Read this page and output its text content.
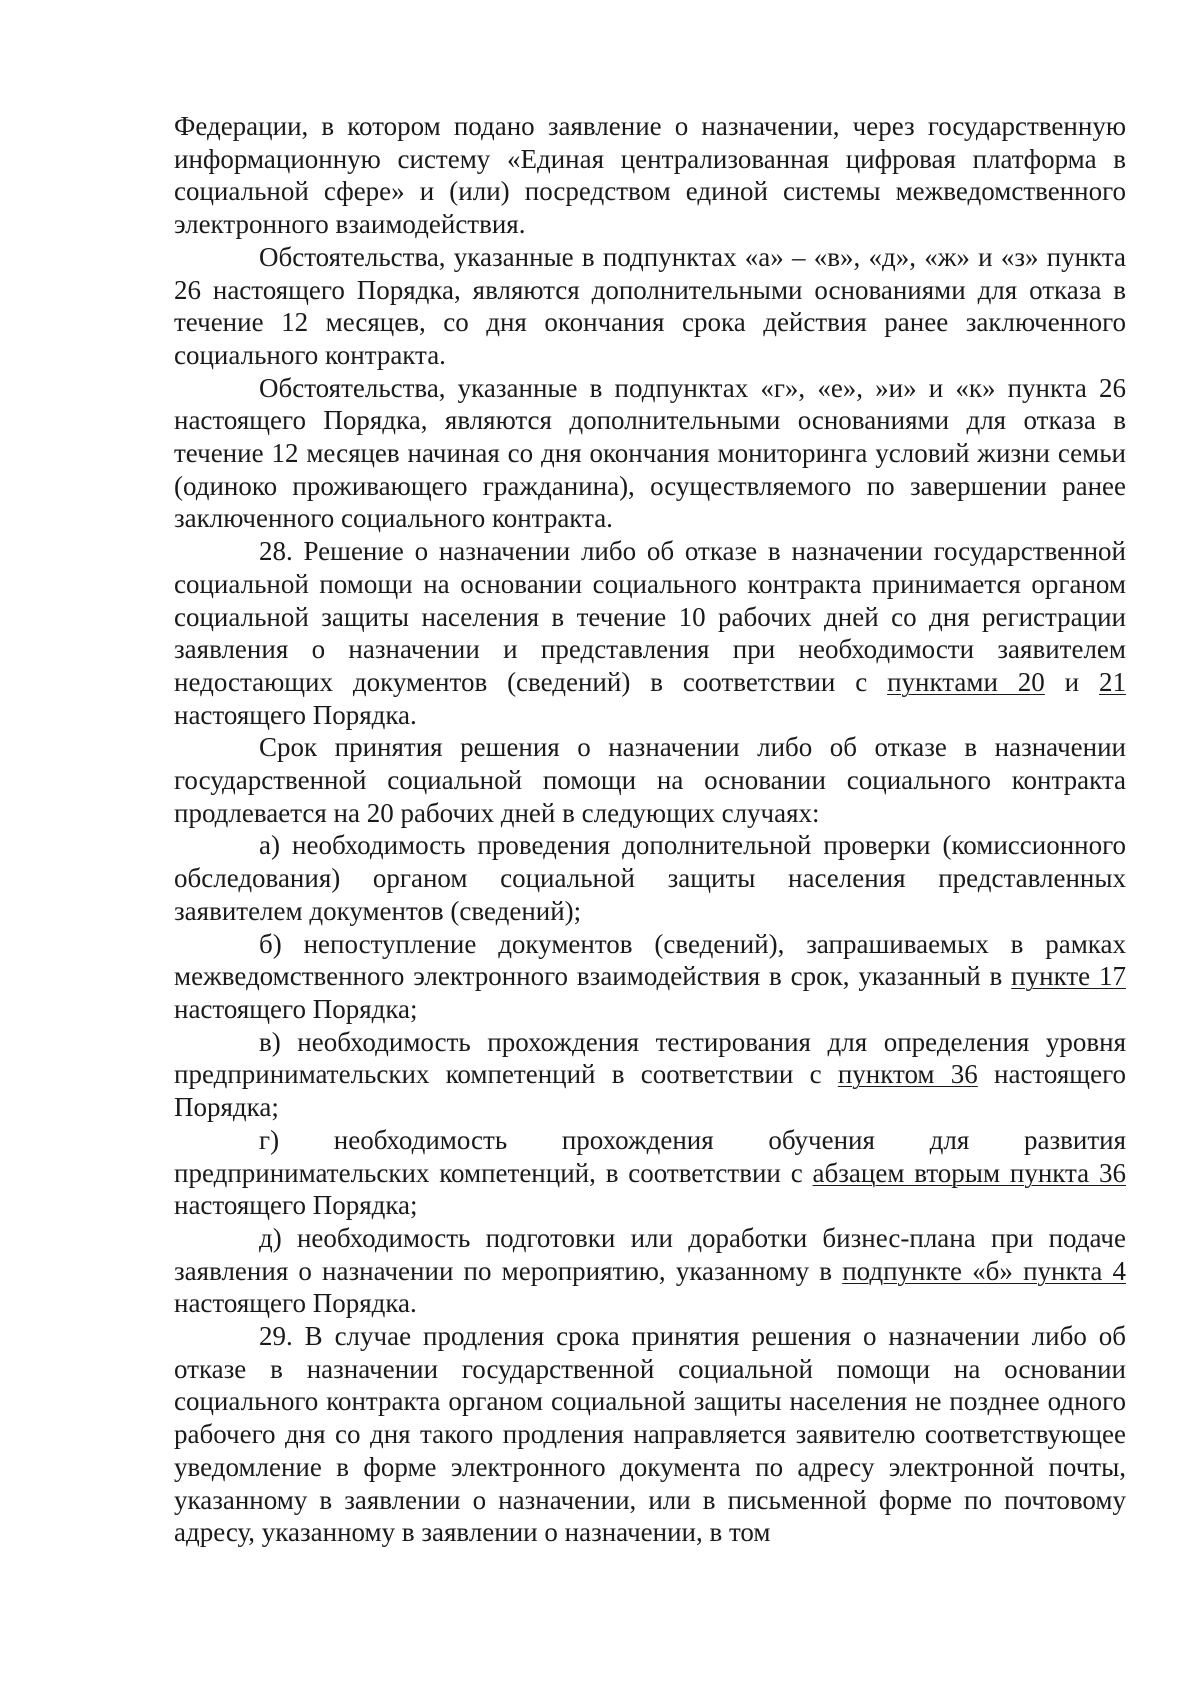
Федерации, в котором подано заявление о назначении, через государственную информационную систему «Единая централизованная цифровая платформа в социальной сфере» и (или) посредством единой системы межведомственного электронного взаимодействия.

Обстоятельства, указанные в подпунктах «а» – «в», «д», «ж» и «з» пункта 26 настоящего Порядка, являются дополнительными основаниями для отказа в течение 12 месяцев, со дня окончания срока действия ранее заключенного социального контракта.

Обстоятельства, указанные в подпунктах «г», «е», »и» и «к» пункта 26 настоящего Порядка, являются дополнительными основаниями для отказа в течение 12 месяцев начиная со дня окончания мониторинга условий жизни семьи (одиноко проживающего гражданина), осуществляемого по завершении ранее заключенного социального контракта.

28. Решение о назначении либо об отказе в назначении государственной социальной помощи на основании социального контракта принимается органом социальной защиты населения в течение 10 рабочих дней со дня регистрации заявления о назначении и представления при необходимости заявителем недостающих документов (сведений) в соответствии с пунктами 20 и 21 настоящего Порядка.

Срок принятия решения о назначении либо об отказе в назначении государственной социальной помощи на основании социального контракта продлевается на 20 рабочих дней в следующих случаях:

а) необходимость проведения дополнительной проверки (комиссионного обследования) органом социальной защиты населения представленных заявителем документов (сведений);

б) непоступление документов (сведений), запрашиваемых в рамках межведомственного электронного взаимодействия в срок, указанный в пункте 17 настоящего Порядка;

в) необходимость прохождения тестирования для определения уровня предпринимательских компетенций в соответствии с пунктом 36 настоящего Порядка;

г) необходимость прохождения обучения для развития предпринимательских компетенций, в соответствии с абзацем вторым пункта 36 настоящего Порядка;

д) необходимость подготовки или доработки бизнес-плана при подаче заявления о назначении по мероприятию, указанному в подпункте «б» пункта 4 настоящего Порядка.

29. В случае продления срока принятия решения о назначении либо об отказе в назначении государственной социальной помощи на основании социального контракта органом социальной защиты населения не позднее одного рабочего дня со дня такого продления направляется заявителю соответствующее уведомление в форме электронного документа по адресу электронной почты, указанному в заявлении о назначении, или в письменной форме по почтовому адресу, указанному в заявлении о назначении, в том
